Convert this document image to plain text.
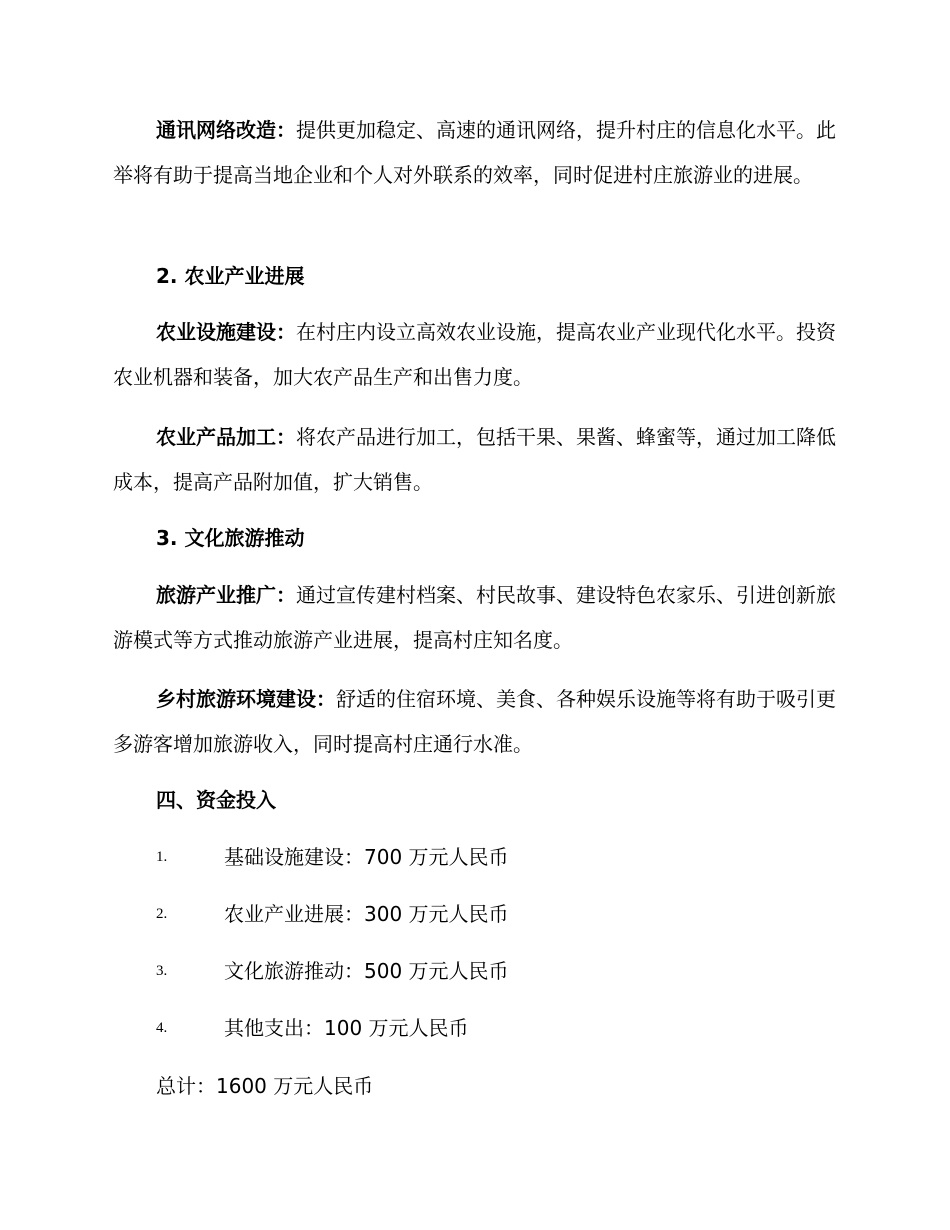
通讯网络改造：提供更加稳定、高速的通讯网络，提升村庄的信息化水平。此举将有助于提高当地企业和个人对外联系的效率，同时促进村庄旅游业的进展。

2. 农业产业进展

农业设施建设：在村庄内设立高效农业设施，提高农业产业现代化水平。投资农业机器和装备，加大农产品生产和出售力度。

农业产品加工：将农产品进行加工，包括干果、果酱、蜂蜜等，通过加工降低成本，提高产品附加值，扩大销售。

3. 文化旅游推动

旅游产业推广：通过宣传建村档案、村民故事、建设特色农家乐、引进创新旅游模式等方式推动旅游产业进展，提高村庄知名度。

乡村旅游环境建设：舒适的住宿环境、美食、各种娱乐设施等将有助于吸引更多游客增加旅游收入，同时提高村庄通行水准。

四、资金投入
1.	基础设施建设：700 万元人民币
2.	农业产业进展：300 万元人民币
3.	文化旅游推动：500 万元人民币
4.	其他支出：100 万元人民币
总计：1600 万元人民币
